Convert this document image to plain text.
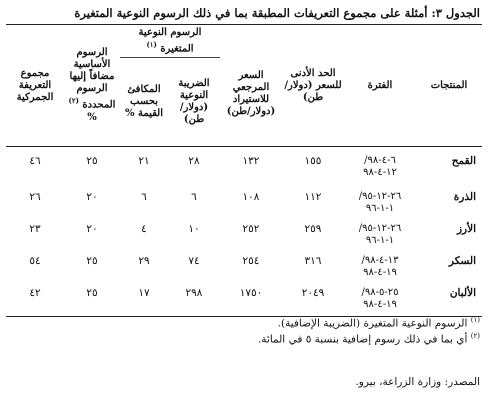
الجدول ٣: أمثلة على مجموع التعريفات المطبقة بما في ذلك الرسوم النوعية المتغيرة
المنتجات	الفترة	الحد الأدنى للسعر (دولار/طن)	السعر المرجعي للاستيراد (دولار/طن)	الرسوم النوعية المتغيرة $^{(١)}$		الرسوم الأساسية مضافاً إليها الرسوم المحددة $^{(٢)}$ %	مجموع التعريفة الجمركية
				الضريبة النوعية (دولار/ طن)	المكافئ بحسب القيمة %		

القمح	٦-٤-٩٨/
١٢-٤-٩٨	١٥٥	١٣٢	٢٨	٢١	٢٥	٤٦
الذرة	٢٦-١٢-٩٥/
١-١-٩٦	١١٢	١٠٨	٦	٦	٢٠	٢٦
الأرز	٢٦-١٢-٩٥/
١-١-٩٦	٢٥٩	٢٥٢	١٠	٤	٢٠	٢٣
السكر	١٣-٤-٩٨/
١٩-٤-٩٨	٣١٦	٢٥٤	٧٤	٢٩	٢٥	٥٤
الألبان	٢٥-٥-٩٨/
١٩-٤-٩٨	٢٠٤٩	١٧٥٠	٢٩٨	١٧	٢٥	٤٢
$^{(١)}$ الرسوم النوعية المتغيرة (الضريبة الإضافية).
$^{(٢)}$ أي بما في ذلك رسوم إضافية بنسبة ٥ في المائة.
المصدر: وزارة الزراعة، بيرو.
